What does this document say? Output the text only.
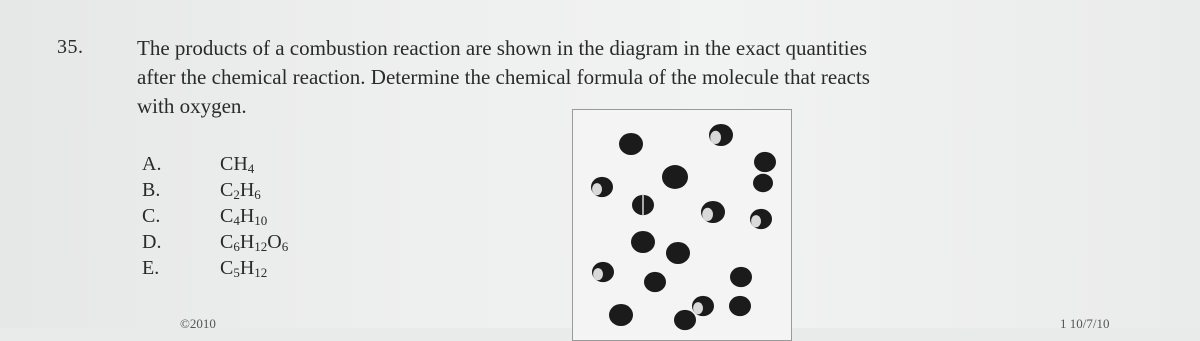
35.	The products of a combustion reaction are shown in the diagram in the exact quantities

after the chemical reaction. Determine the chemical formula of the molecule that reacts

with oxygen.

A.	$CH_4$
B.	$C_2H_6$
C.	$C_4H_{10}$
D.	$C_6H_{12}O_6$
E.	$C_5H_{12}$
©2010	1 10/7/10
